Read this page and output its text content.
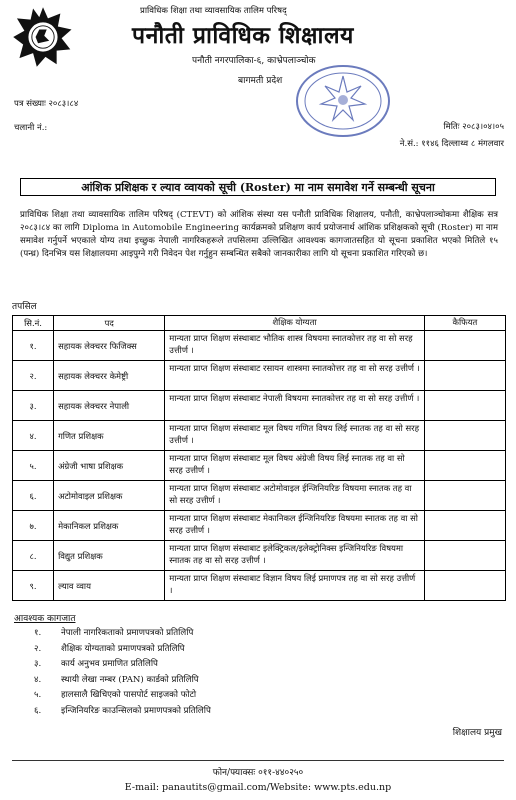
प्राविधिक शिक्षा तथा व्यावसायिक तालिम परिषद्
पनौती प्राविधिक शिक्षालय
पनौती नगरपालिका-६, काभ्रेपलाञ्चोक
बागमती प्रदेश
पत्र संख्याः २०८३।८४
चलानी नं.:	मितिः २०८३।०४।०५
ने.सं.: ११४६ दिल्लाथ्व ८ मंगलवार
आंशिक प्रशिक्षक र ल्याव व्वायको सूची (Roster) मा नाम समावेश गर्ने सम्बन्धी सूचना
प्राविधिक शिक्षा तथा व्यावसायिक तालिम परिषद् (CTEVT) को आंशिक संस्था यस पनौती प्राविधिक शिक्षालय, पनौती, काभ्रेपलाञ्चोकमा शैक्षिक सत्र २०८३।८४ का लागि Diploma in Automobile Engineering कार्यक्रमको प्रशिक्षण कार्य प्रयोजनार्थ आंशिक प्रशिक्षकको सूची (Roster) मा नाम समावेश गर्नुपर्ने भएकाले योग्य तथा इच्छुक नेपाली नागरिकहरूले तपसिलमा उल्लिखित आवश्यक कागजातसहित यो सूचना प्रकाशित भएको मितिले १५ (पन्ध्र) दिनभित्र यस शिक्षालयमा आइपुग्ने गरी निवेदन पेश गर्नुहुन सम्बन्धित सबैको जानकारीका लागि यो सूचना प्रकाशित गरिएको छ।
तपसिल
सि.नं.	पद	शैक्षिक योग्यता	कैफियत
१.	सहायक लेक्चरर फिजिक्स	मान्यता प्राप्त शिक्षण संस्थाबाट भौतिक शास्त्र विषयमा स्नातकोत्तर तह वा सो सरह उत्तीर्ण ।	
२.	सहायक लेक्चरर केमेष्ट्री	मान्यता प्राप्त शिक्षण संस्थाबाट रसायन शास्त्रमा स्नातकोत्तर तह वा सो सरह उत्तीर्ण ।	
३.	सहायक लेक्चरर नेपाली	मान्यता प्राप्त शिक्षण संस्थाबाट नेपाली विषयमा स्नातकोत्तर तह वा सो सरह उत्तीर्ण ।	
४.	गणित प्रशिक्षक	मान्यता प्राप्त शिक्षण संस्थाबाट मूल विषय गणित विषय लिई स्नातक तह वा सो सरह उत्तीर्ण ।	
५.	अंग्रेजी भाषा प्रशिक्षक	मान्यता प्राप्त शिक्षण संस्थाबाट मूल विषय अंग्रेजी विषय लिई स्नातक तह वा सो सरह उत्तीर्ण ।	
६.	अटोमोवाइल प्रशिक्षक	मान्यता प्राप्त शिक्षण संस्थाबाट अटोमोवाइल ईन्जिनियरिङ विषयमा स्नातक तह वा सो सरह उत्तीर्ण ।	
७.	मेकानिकल प्रशिक्षक	मान्यता प्राप्त शिक्षण संस्थाबाट मेकानिकल ईन्जिनियरिङ विषयमा स्नातक तह वा सो सरह उत्तीर्ण ।	
८.	विद्युत प्रशिक्षक	मान्यता प्राप्त शिक्षण संस्थाबाट इलेक्ट्रिकल/इलेक्ट्रोनिक्स इन्जिनियरिङ विषयमा स्नातक तह वा सो सरह उत्तीर्ण ।	
९.	ल्याव व्वाय	मान्यता प्राप्त शिक्षण संस्थाबाट विज्ञान विषय लिई प्रमाणपत्र तह वा सो सरह उत्तीर्ण ।	
आवश्यक कागजात
१.	नेपाली नागरिकताको प्रमाणपत्रको प्रतिलिपि
२.	शैक्षिक योग्यताको प्रमाणपत्रको प्रतिलिपि
३.	कार्य अनुभव प्रमाणित प्रतिलिपि
४.	स्थायी लेखा नम्बर (PAN) कार्डको प्रतिलिपि
५.	हालसालै खिचिएको पासपोर्ट साइजको फोटो
६.	इन्जिनियरिङ काउन्सिलको प्रमाणपत्रको प्रतिलिपि
शिक्षालय प्रमुख
फोन/फ्याक्सः ०११-४४०२५०
E-mail: panautits@gmail.com/Website: www.pts.edu.np
